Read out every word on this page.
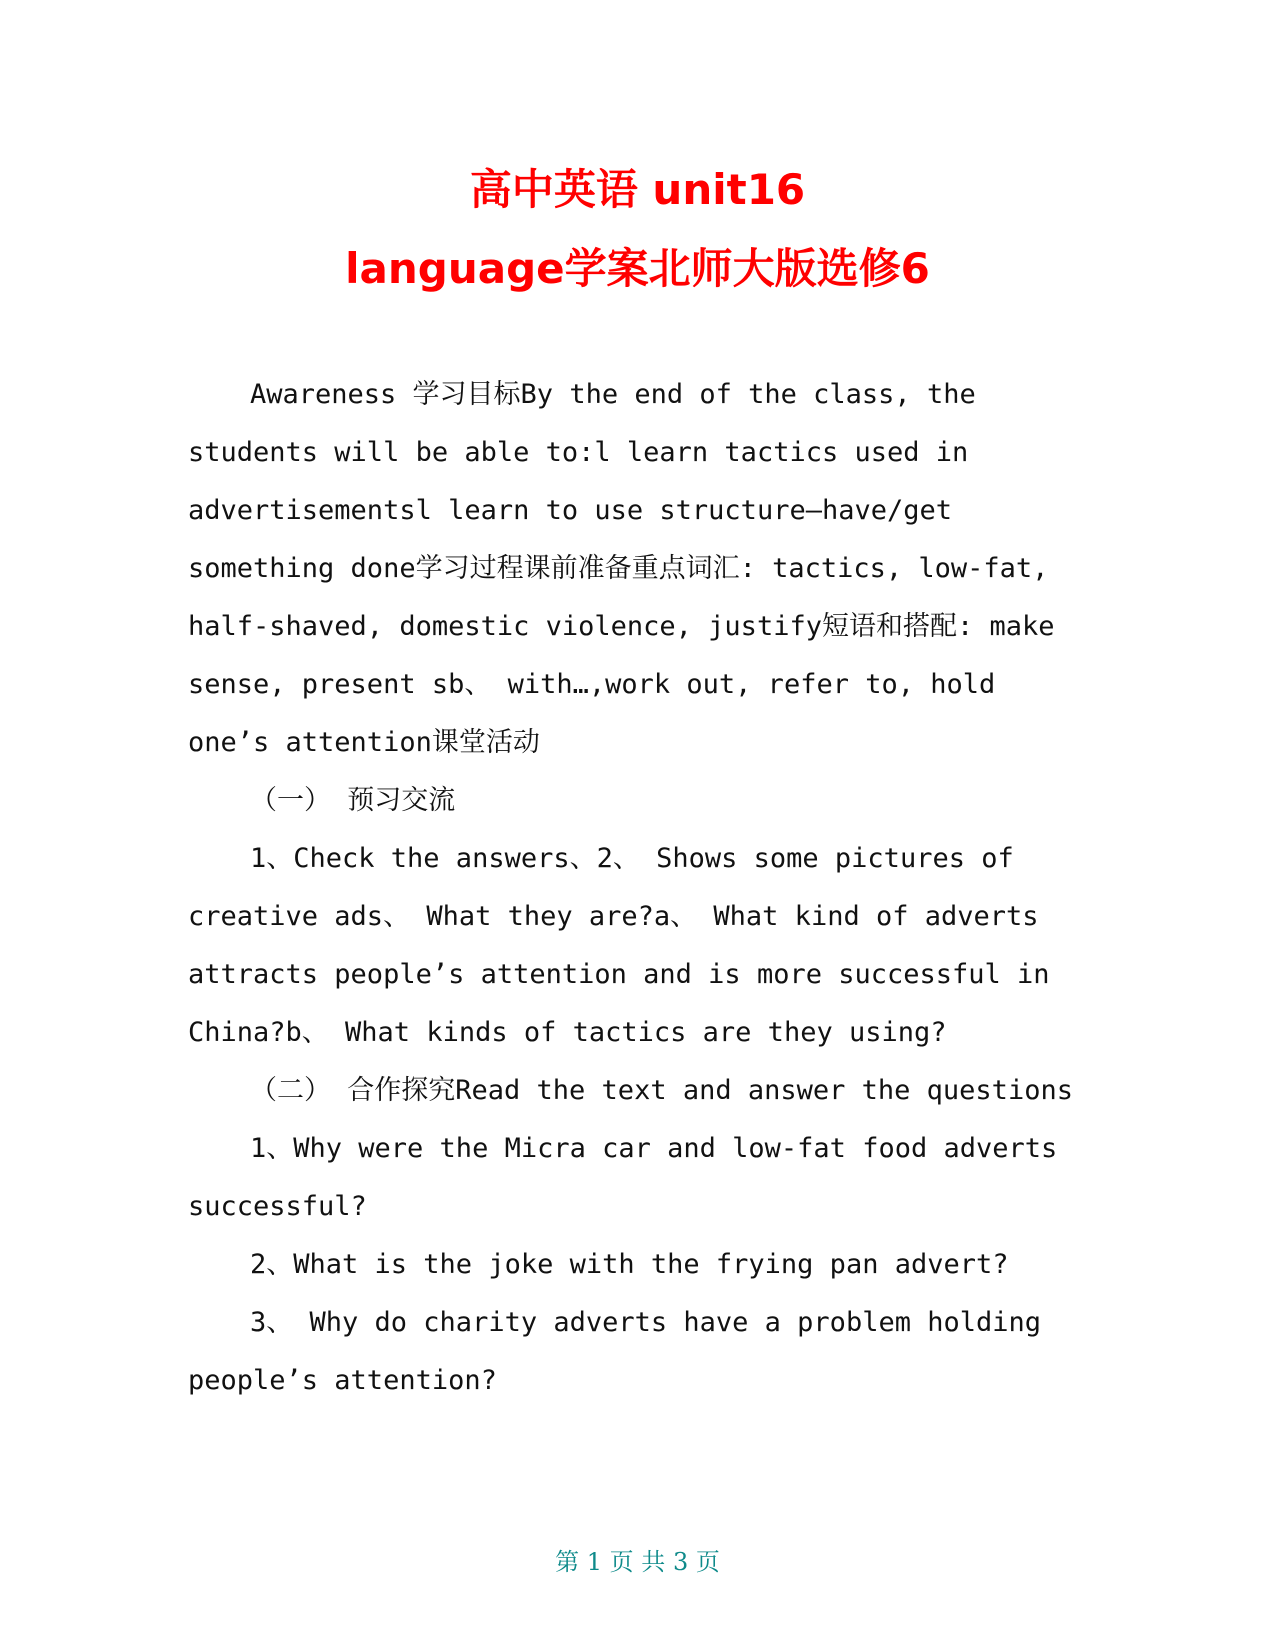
高中英语 unit16
language学案北师大版选修6
Awareness 学习目标By the end of the class, the
students will be able to:l learn tactics used in
advertisementsl learn to use structure—have/get
something done学习过程课前准备重点词汇: tactics, low-fat,
half-shaved, domestic violence, justify短语和搭配: make
sense, present sb、 with…,work out, refer to, hold
one’s attention课堂活动
（一） 预习交流
1、Check the answers、2、 Shows some pictures of
creative ads、 What they are?a、 What kind of adverts
attracts people’s attention and is more successful in
China?b、 What kinds of tactics are they using?
（二） 合作探究Read the text and answer the questions
1、Why were the Micra car and low-fat food adverts
successful?
2、What is the joke with the frying pan advert?
3、 Why do charity adverts have a problem holding
people’s attention?
第 1 页 共 3 页
